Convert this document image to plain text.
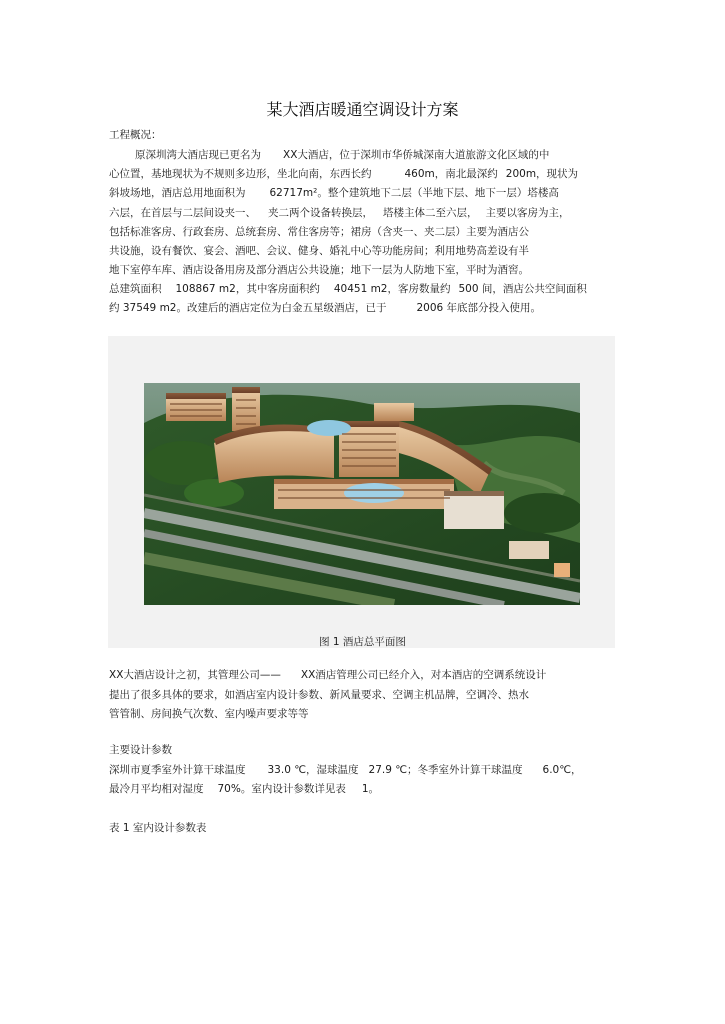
某大酒店暖通空调设计方案
工程概况：
原深圳湾大酒店现已更名为 XX大酒店，位于深圳市华侨城深南大道旅游文化区域的中
心位置，基地现状为不规则多边形，坐北向南，东西长约	460m，南北最深约 200m，现状为
斜坡场地，酒店总用地面积为 62717m²。整个建筑地下二层（半地下层、地下一层）塔楼高
六层，在首层与二层间设夹一、 夹二两个设备转换层， 塔楼主体二至六层， 主要以客房为主，
包括标准客房、行政套房、总统套房、常住客房等；裙房（含夹一、夹二层）主要为酒店公
共设施，设有餐饮、宴会、酒吧、会议、健身、婚礼中心等功能房间；利用地势高差设有半
地下室停车库、酒店设备用房及部分酒店公共设施；地下一层为人防地下室，平时为酒窖。
总建筑面积 108867 m2，其中客房面积约 40451 m2，客房数量约 500 间，酒店公共空间面积
约 37549 m2。改建后的酒店定位为白金五星级酒店，已于	2006 年底部分投入使用。
图 1 酒店总平面图
XX大酒店设计之初，其管理公司—— XX酒店管理公司已经介入，对本酒店的空调系统设计
提出了很多具体的要求，如酒店室内设计参数、新风量要求、空调主机品牌，空调冷、热水
管管制、房间换气次数、室内噪声要求等等
主要设计参数
深圳市夏季室外计算干球温度 33.0 ℃，湿球温度 27.9 ℃；冬季室外计算干球温度 6.0℃，
最冷月平均相对湿度 70%。室内设计参数详见表 1。
表 1 室内设计参数表
